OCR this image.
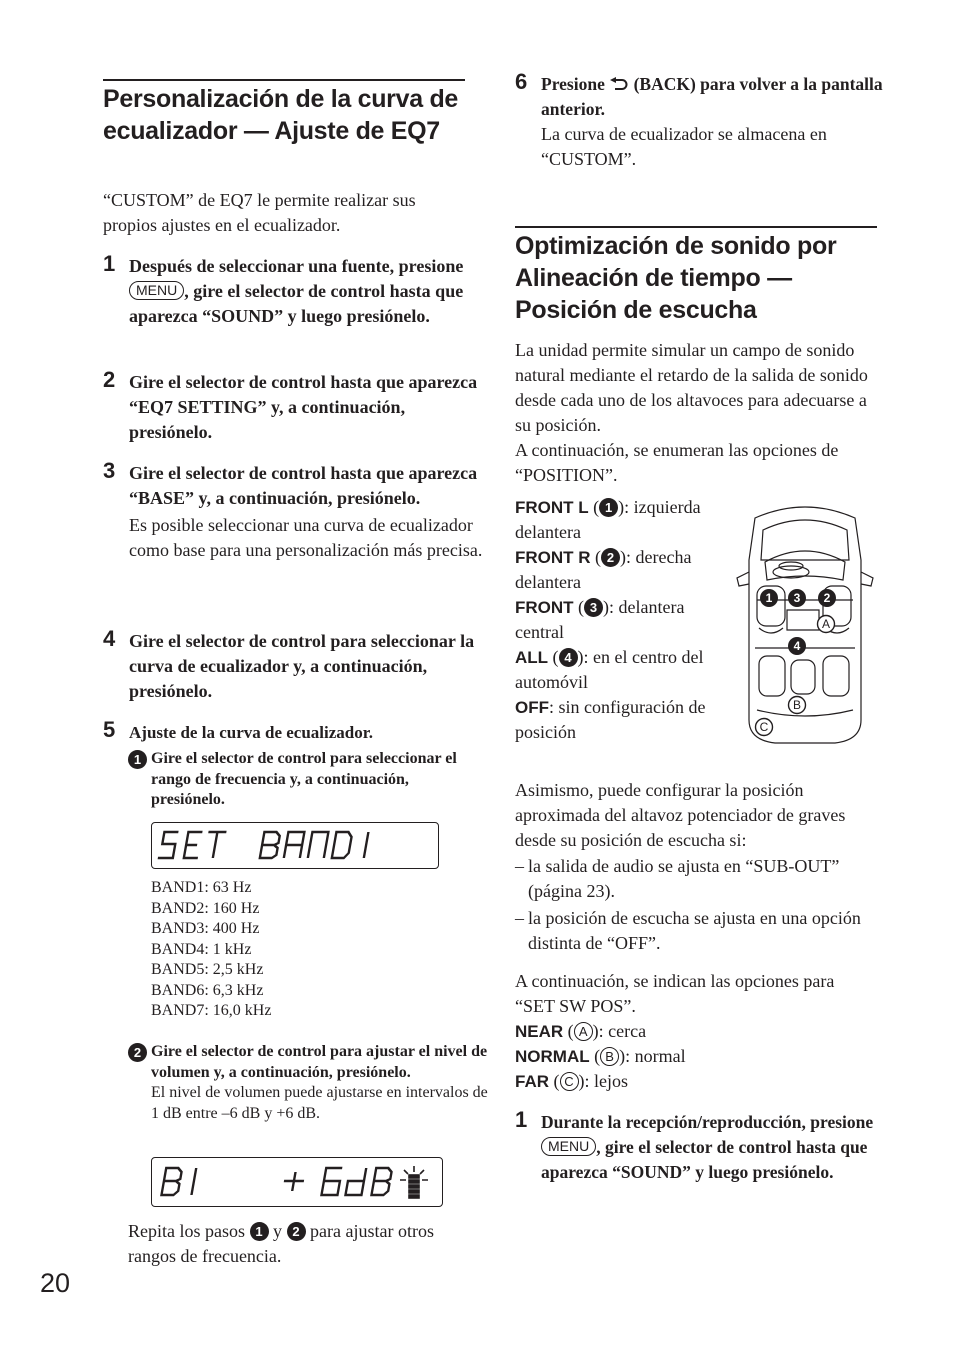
Personalización de la curva de ecualizador — Ajuste de EQ7

“CUSTOM” de EQ7 le permite realizar sus propios ajustes en el ecualizador.

1 Después de seleccionar una fuente, presione MENU , gire el selector de control hasta que aparezca “SOUND” y luego presiónelo.

2 Gire el selector de control hasta que aparezca “EQ7 SETTING” y, a continuación, presiónelo.

3 Gire el selector de control hasta que aparezca “BASE” y, a continuación, presiónelo.

Es posible seleccionar una curva de ecualizador como base para una personalización más precisa.

4 Gire el selector de control para seleccionar la curva de ecualizador y, a continuación, presiónelo.

5 Ajuste de la curva de ecualizador.

1 Gire el selector de control para seleccionar el rango de frecuencia y, a continuación, presiónelo.

BAND1: 63 Hz
BAND2: 160 Hz
BAND3: 400 Hz
BAND4: 1 kHz
BAND5: 2,5 kHz
BAND6: 6,3 kHz
BAND7: 16,0 kHz
2 Gire el selector de control para ajustar el nivel de volumen y, a continuación, presiónelo.

El nivel de volumen puede ajustarse en intervalos de 1 dB entre –6 dB y +6 dB.

Repita los pasos 1 y 2 para ajustar otros rangos de frecuencia.

6 Presione  (BACK) para volver a la pantalla anterior.

La curva de ecualizador se almacena en “CUSTOM”.

Optimización de sonido por Alineación de tiempo — Posición de escucha

La unidad permite simular un campo de sonido natural mediante el retardo de la salida de sonido desde cada uno de los altavoces para adecuarse a su posición.

A continuación, se enumeran las opciones de “POSITION”.

FRONT L ( 1 ): izquierda delantera

FRONT R ( 2 ): derecha delantera

FRONT ( 3 ): delantera central

ALL ( 4 ): en el centro del automóvil

OFF: sin configuración de posición

1 3 2
4
A
B
C

Asimismo, puede configurar la posición aproximada del altavoz potenciador de graves desde su posición de escucha si:

– la salida de audio se ajusta en “SUB-OUT” (página 23).
– la posición de escucha se ajusta en una opción distinta de “OFF”.

A continuación, se indican las opciones para “SET SW POS”.

NEAR ( A ): cerca

NORMAL ( B ): normal

FAR ( C ): lejos

1 Durante la recepción/reproducción, presione MENU , gire el selector de control hasta que aparezca “SOUND” y luego presiónelo.

20
